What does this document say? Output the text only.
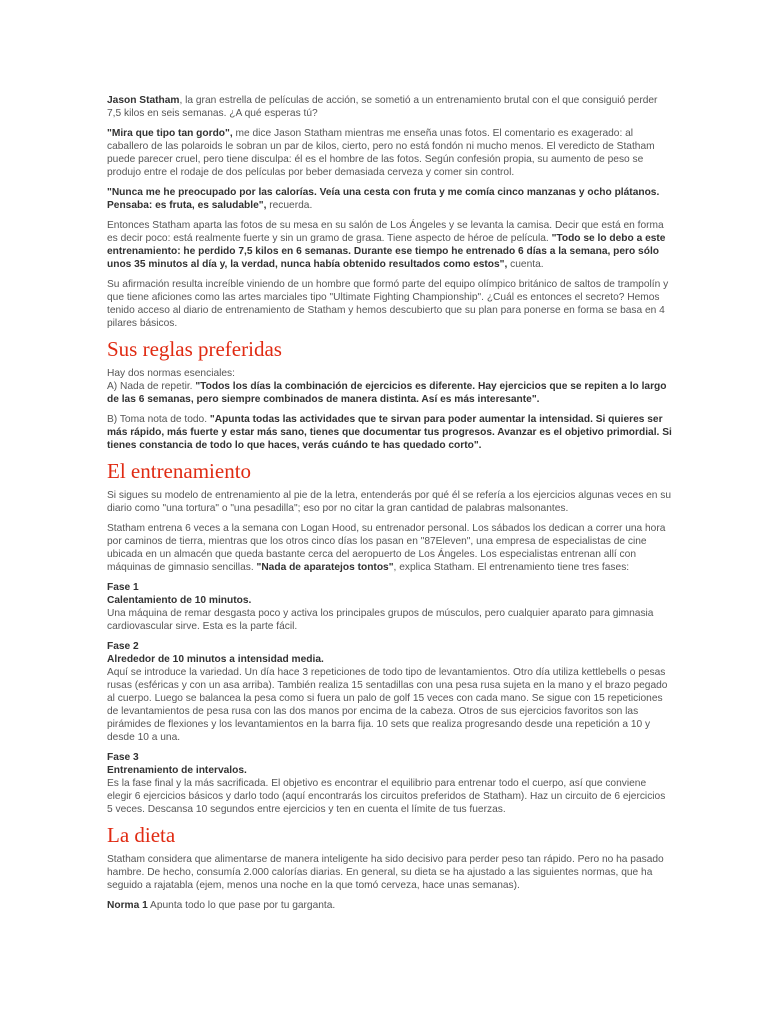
Jason Statham, la gran estrella de películas de acción, se sometió a un entrenamiento brutal con el que consiguió perder 7,5 kilos en seis semanas. ¿A qué esperas tú?

"Mira que tipo tan gordo", me dice Jason Statham mientras me enseña unas fotos. El comentario es exagerado: al caballero de las polaroids le sobran un par de kilos, cierto, pero no está fondón ni mucho menos. El veredicto de Statham puede parecer cruel, pero tiene disculpa: él es el hombre de las fotos. Según confesión propia, su aumento de peso se produjo entre el rodaje de dos películas por beber demasiada cerveza y comer sin control.

"Nunca me he preocupado por las calorías. Veía una cesta con fruta y me comía cinco manzanas y ocho plátanos. Pensaba: es fruta, es saludable", recuerda.

Entonces Statham aparta las fotos de su mesa en su salón de Los Ángeles y se levanta la camisa. Decir que está en forma es decir poco: está realmente fuerte y sin un gramo de grasa. Tiene aspecto de héroe de película. "Todo se lo debo a este entrenamiento: he perdido 7,5 kilos en 6 semanas. Durante ese tiempo he entrenado 6 días a la semana, pero sólo unos 35 minutos al día y, la verdad, nunca había obtenido resultados como estos", cuenta.

Su afirmación resulta increíble viniendo de un hombre que formó parte del equipo olímpico británico de saltos de trampolín y que tiene aficiones como las artes marciales tipo "Ultimate Fighting Championship". ¿Cuál es entonces el secreto? Hemos tenido acceso al diario de entrenamiento de Statham y hemos descubierto que su plan para ponerse en forma se basa en 4 pilares básicos.

Sus reglas preferidas

Hay dos normas esenciales:
A) Nada de repetir. "Todos los días la combinación de ejercicios es diferente. Hay ejercicios que se repiten a lo largo de las 6 semanas, pero siempre combinados de manera distinta. Así es más interesante".

B) Toma nota de todo. "Apunta todas las actividades que te sirvan para poder aumentar la intensidad. Si quieres ser más rápido, más fuerte y estar más sano, tienes que documentar tus progresos. Avanzar es el objetivo primordial. Si tienes constancia de todo lo que haces, verás cuándo te has quedado corto".

El entrenamiento

Si sigues su modelo de entrenamiento al pie de la letra, entenderás por qué él se refería a los ejercicios algunas veces en su diario como "una tortura" o "una pesadilla"; eso por no citar la gran cantidad de palabras malsonantes.

Statham entrena 6 veces a la semana con Logan Hood, su entrenador personal. Los sábados los dedican a correr una hora por caminos de tierra, mientras que los otros cinco días los pasan en "87Eleven", una empresa de especialistas de cine ubicada en un almacén que queda bastante cerca del aeropuerto de Los Ángeles. Los especialistas entrenan allí con máquinas de gimnasio sencillas. "Nada de aparatejos tontos", explica Statham. El entrenamiento tiene tres fases:

Fase 1
Calentamiento de 10 minutos.
Una máquina de remar desgasta poco y activa los principales grupos de músculos, pero cualquier aparato para gimnasia cardiovascular sirve. Esta es la parte fácil.

Fase 2
Alrededor de 10 minutos a intensidad media.
Aquí se introduce la variedad. Un día hace 3 repeticiones de todo tipo de levantamientos. Otro día utiliza kettlebells o pesas rusas (esféricas y con un asa arriba). También realiza 15 sentadillas con una pesa rusa sujeta en la mano y el brazo pegado al cuerpo. Luego se balancea la pesa como si fuera un palo de golf 15 veces con cada mano. Se sigue con 15 repeticiones de levantamientos de pesa rusa con las dos manos por encima de la cabeza. Otros de sus ejercicios favoritos son las pirámides de flexiones y los levantamientos en la barra fija. 10 sets que realiza progresando desde una repetición a 10 y desde 10 a una.

Fase 3
Entrenamiento de intervalos.
Es la fase final y la más sacrificada. El objetivo es encontrar el equilibrio para entrenar todo el cuerpo, así que conviene elegir 6 ejercicios básicos y darlo todo (aquí encontrarás los circuitos preferidos de Statham). Haz un circuito de 6 ejercicios 5 veces. Descansa 10 segundos entre ejercicios y ten en cuenta el límite de tus fuerzas.

La dieta

Statham considera que alimentarse de manera inteligente ha sido decisivo para perder peso tan rápido. Pero no ha pasado hambre. De hecho, consumía 2.000 calorías diarias. En general, su dieta se ha ajustado a las siguientes normas, que ha seguido a rajatabla (ejem, menos una noche en la que tomó cerveza, hace unas semanas).

Norma 1 Apunta todo lo que pase por tu garganta.
